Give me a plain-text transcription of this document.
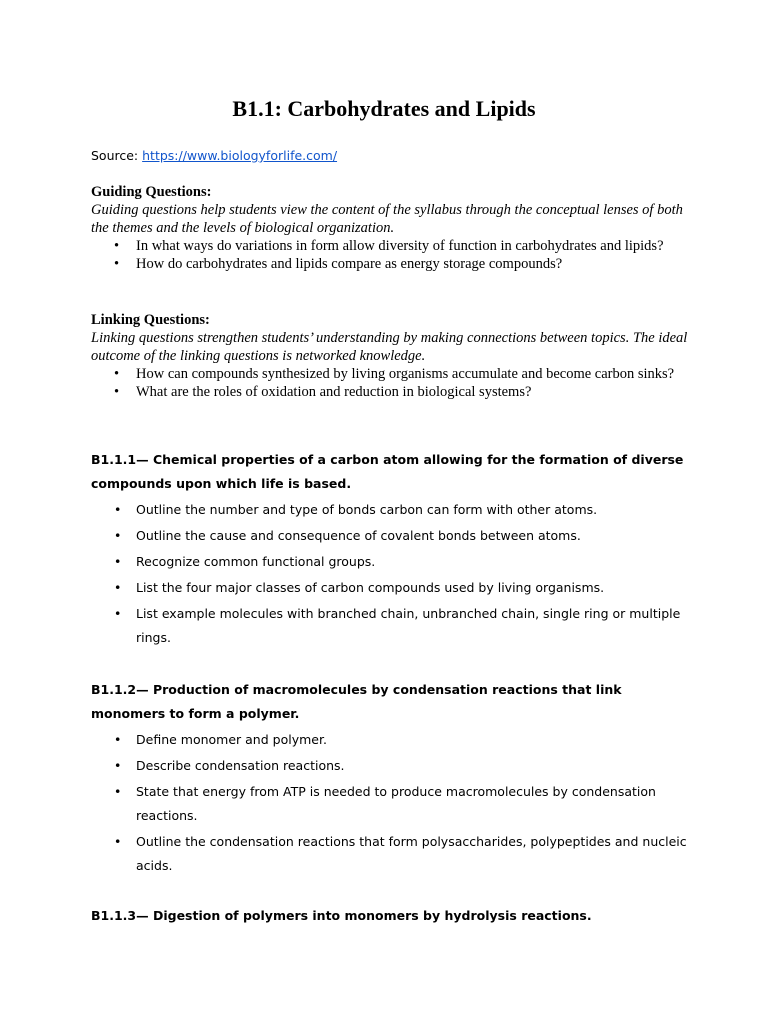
B1.1: Carbohydrates and Lipids
Source: https://www.biologyforlife.com/
Guiding Questions:
Guiding questions help students view the content of the syllabus through the conceptual lenses of both the themes and the levels of biological organization.
• In what ways do variations in form allow diversity of function in carbohydrates and lipids?
• How do carbohydrates and lipids compare as energy storage compounds?
Linking Questions:
Linking questions strengthen students’ understanding by making connections between topics. The ideal outcome of the linking questions is networked knowledge.
• How can compounds synthesized by living organisms accumulate and become carbon sinks?
• What are the roles of oxidation and reduction in biological systems?
B1.1.1— Chemical properties of a carbon atom allowing for the formation of diverse compounds upon which life is based.
• Outline the number and type of bonds carbon can form with other atoms.
• Outline the cause and consequence of covalent bonds between atoms.
• Recognize common functional groups.
• List the four major classes of carbon compounds used by living organisms.
• List example molecules with branched chain, unbranched chain, single ring or multiple rings.
B1.1.2— Production of macromolecules by condensation reactions that link monomers to form a polymer.
• Define monomer and polymer.
• Describe condensation reactions.
• State that energy from ATP is needed to produce macromolecules by condensation reactions.
• Outline the condensation reactions that form polysaccharides, polypeptides and nucleic acids.
B1.1.3— Digestion of polymers into monomers by hydrolysis reactions.
